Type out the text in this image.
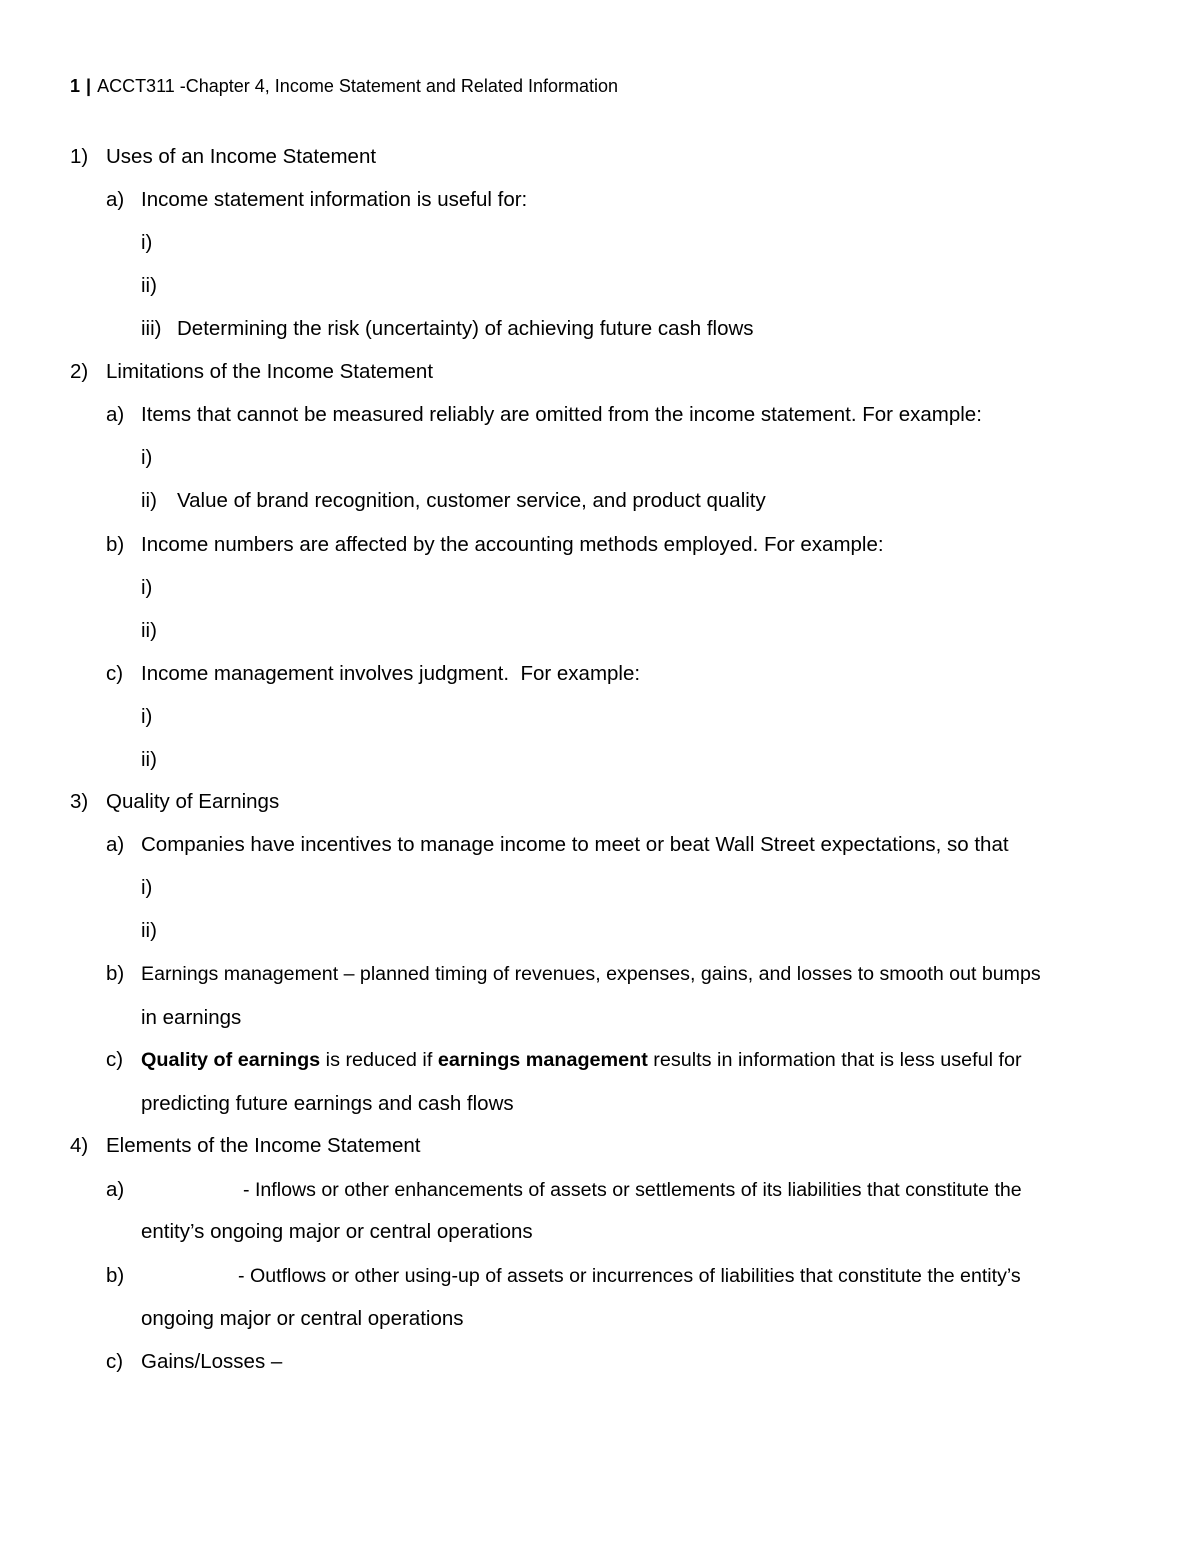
1 | ACCT311 -Chapter 4, Income Statement and Related Information
1) Uses of an Income Statement
a) Income statement information is useful for:
i)
ii)
iii) Determining the risk (uncertainty) of achieving future cash flows
2) Limitations of the Income Statement
a) Items that cannot be measured reliably are omitted from the income statement. For example:
i)
ii) Value of brand recognition, customer service, and product quality
b) Income numbers are affected by the accounting methods employed. For example:
i)
ii)
c) Income management involves judgment.  For example:
i)
ii)
3) Quality of Earnings
a) Companies have incentives to manage income to meet or beat Wall Street expectations, so that
i)
ii)
b) Earnings management – planned timing of revenues, expenses, gains, and losses to smooth out bumps
in earnings
c) Quality of earnings is reduced if earnings management results in information that is less useful for
predicting future earnings and cash flows
4) Elements of the Income Statement
a)	- Inflows or other enhancements of assets or settlements of its liabilities that constitute the
entity’s ongoing major or central operations
b)	- Outflows or other using-up of assets or incurrences of liabilities that constitute the entity’s
ongoing major or central operations
c) Gains/Losses –
